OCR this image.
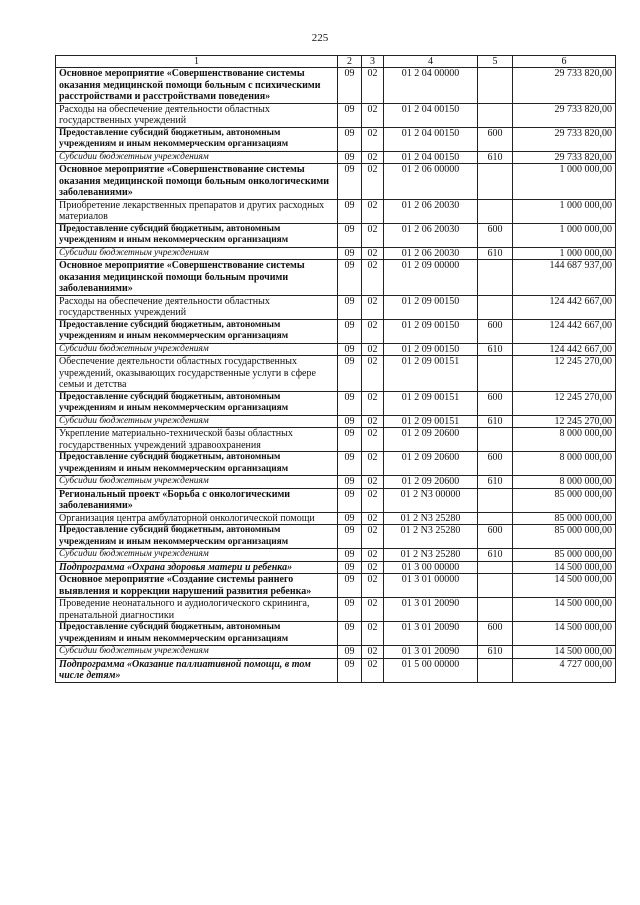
225
1	2	3	4	5	6
Основное мероприятие «Совершенствование системы оказания медицинской помощи больным с психическими расстройствами и расстройствами поведения»	09	02	01 2 04 00000		29 733 820,00
Расходы на обеспечение деятельности областных государственных учреждений	09	02	01 2 04 00150		29 733 820,00
Предоставление субсидий бюджетным, автономным учреждениям и иным некоммерческим организациям	09	02	01 2 04 00150	600	29 733 820,00
Субсидии бюджетным учреждениям	09	02	01 2 04 00150	610	29 733 820,00
Основное мероприятие «Совершенствование системы оказания медицинской помощи больным онкологическими заболеваниями»	09	02	01 2 06 00000		1 000 000,00
Приобретение лекарственных препаратов и других расходных материалов	09	02	01 2 06 20030		1 000 000,00
Предоставление субсидий бюджетным, автономным учреждениям и иным некоммерческим организациям	09	02	01 2 06 20030	600	1 000 000,00
Субсидии бюджетным учреждениям	09	02	01 2 06 20030	610	1 000 000,00
Основное мероприятие «Совершенствование системы оказания медицинской помощи больным прочими заболеваниями»	09	02	01 2 09 00000		144 687 937,00
Расходы на обеспечение деятельности областных государственных учреждений	09	02	01 2 09 00150		124 442 667,00
Предоставление субсидий бюджетным, автономным учреждениям и иным некоммерческим организациям	09	02	01 2 09 00150	600	124 442 667,00
Субсидии бюджетным учреждениям	09	02	01 2 09 00150	610	124 442 667,00
Обеспечение деятельности областных государственных учреждений, оказывающих государственные услуги в сфере семьи и детства	09	02	01 2 09 00151		12 245 270,00
Предоставление субсидий бюджетным, автономным учреждениям и иным некоммерческим организациям	09	02	01 2 09 00151	600	12 245 270,00
Субсидии бюджетным учреждениям	09	02	01 2 09 00151	610	12 245 270,00
Укрепление материально-технической базы областных государственных учреждений здравоохранения	09	02	01 2 09 20600		8 000 000,00
Предоставление субсидий бюджетным, автономным учреждениям и иным некоммерческим организациям	09	02	01 2 09 20600	600	8 000 000,00
Субсидии бюджетным учреждениям	09	02	01 2 09 20600	610	8 000 000,00
Региональный проект «Борьба с онкологическими заболеваниями»	09	02	01 2 N3 00000		85 000 000,00
Организация центра амбулаторной онкологической помощи	09	02	01 2 N3 25280		85 000 000,00
Предоставление субсидий бюджетным, автономным учреждениям и иным некоммерческим организациям	09	02	01 2 N3 25280	600	85 000 000,00
Субсидии бюджетным учреждениям	09	02	01 2 N3 25280	610	85 000 000,00
Подпрограмма «Охрана здоровья матери и ребенка»	09	02	01 3 00 00000		14 500 000,00
Основное мероприятие «Создание системы раннего выявления и коррекции нарушений развития ребенка»	09	02	01 3 01 00000		14 500 000,00
Проведение неонатального и аудиологического скрининга, пренатальной диагностики	09	02	01 3 01 20090		14 500 000,00
Предоставление субсидий бюджетным, автономным учреждениям и иным некоммерческим организациям	09	02	01 3 01 20090	600	14 500 000,00
Субсидии бюджетным учреждениям	09	02	01 3 01 20090	610	14 500 000,00
Подпрограмма «Оказание паллиативной помощи, в том числе детям»	09	02	01 5 00 00000		4 727 000,00
